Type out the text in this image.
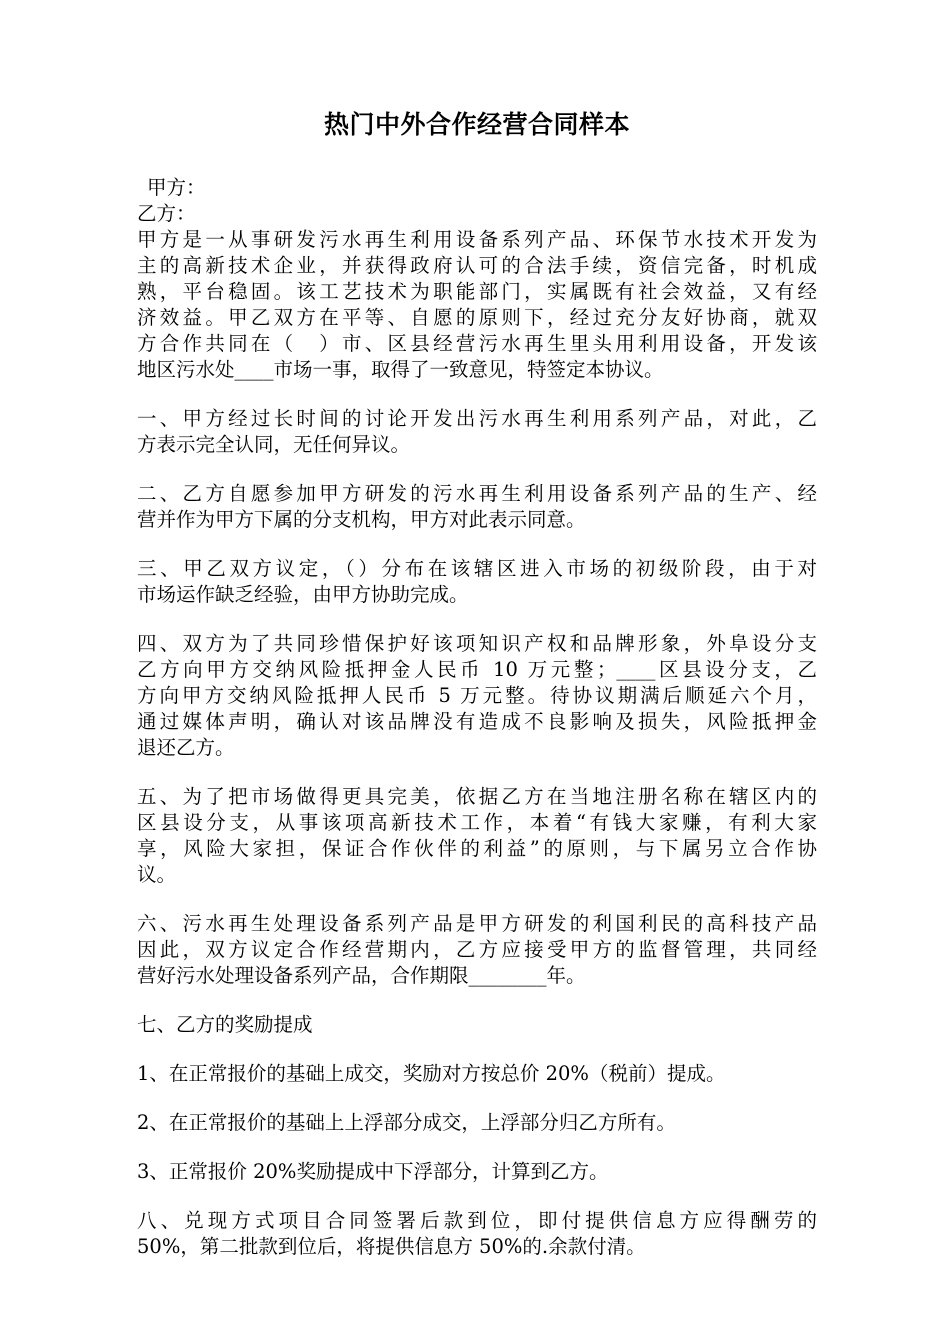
热门中外合作经营合同样本
甲方：
乙方：
甲方是一从事研发污水再生利用设备系列产品、环保节水技术开发为
主的高新技术企业，并获得政府认可的合法手续，资信完备，时机成
熟，平台稳固。该工艺技术为职能部门，实属既有社会效益，又有经
济效益。甲乙双方在平等、自愿的原则下，经过充分友好协商，就双
方合作共同在（　）市、区县经营污水再生里头用利用设备，开发该
地区污水处____市场一事，取得了一致意见，特签定本协议。
一、甲方经过长时间的讨论开发出污水再生利用系列产品，对此，乙
方表示完全认同，无任何异议。
二、乙方自愿参加甲方研发的污水再生利用设备系列产品的生产、经
营并作为甲方下属的分支机构，甲方对此表示同意。
三、甲乙双方议定，（）分布在该辖区进入市场的初级阶段，由于对
市场运作缺乏经验，由甲方协助完成。
四、双方为了共同珍惜保护好该项知识产权和品牌形象，外阜设分支
乙方向甲方交纳风险抵押金人民币 10 万元整；____区县设分支，乙
方向甲方交纳风险抵押人民币 5 万元整。待协议期满后顺延六个月，
通过媒体声明，确认对该品牌没有造成不良影响及损失，风险抵押金
退还乙方。
五、为了把市场做得更具完美，依据乙方在当地注册名称在辖区内的
区县设分支，从事该项高新技术工作，本着“有钱大家赚，有利大家
享，风险大家担，保证合作伙伴的利益”的原则，与下属另立合作协
议。
六、污水再生处理设备系列产品是甲方研发的利国利民的高科技产品
因此，双方议定合作经营期内，乙方应接受甲方的监督管理，共同经
营好污水处理设备系列产品，合作期限________年。
七、乙方的奖励提成
1、在正常报价的基础上成交，奖励对方按总价 20%（税前）提成。
2、在正常报价的基础上上浮部分成交，上浮部分归乙方所有。
3、正常报价 20%奖励提成中下浮部分，计算到乙方。
八、兑现方式项目合同签署后款到位，即付提供信息方应得酬劳的
50%，第二批款到位后，将提供信息方 50%的.余款付清。
